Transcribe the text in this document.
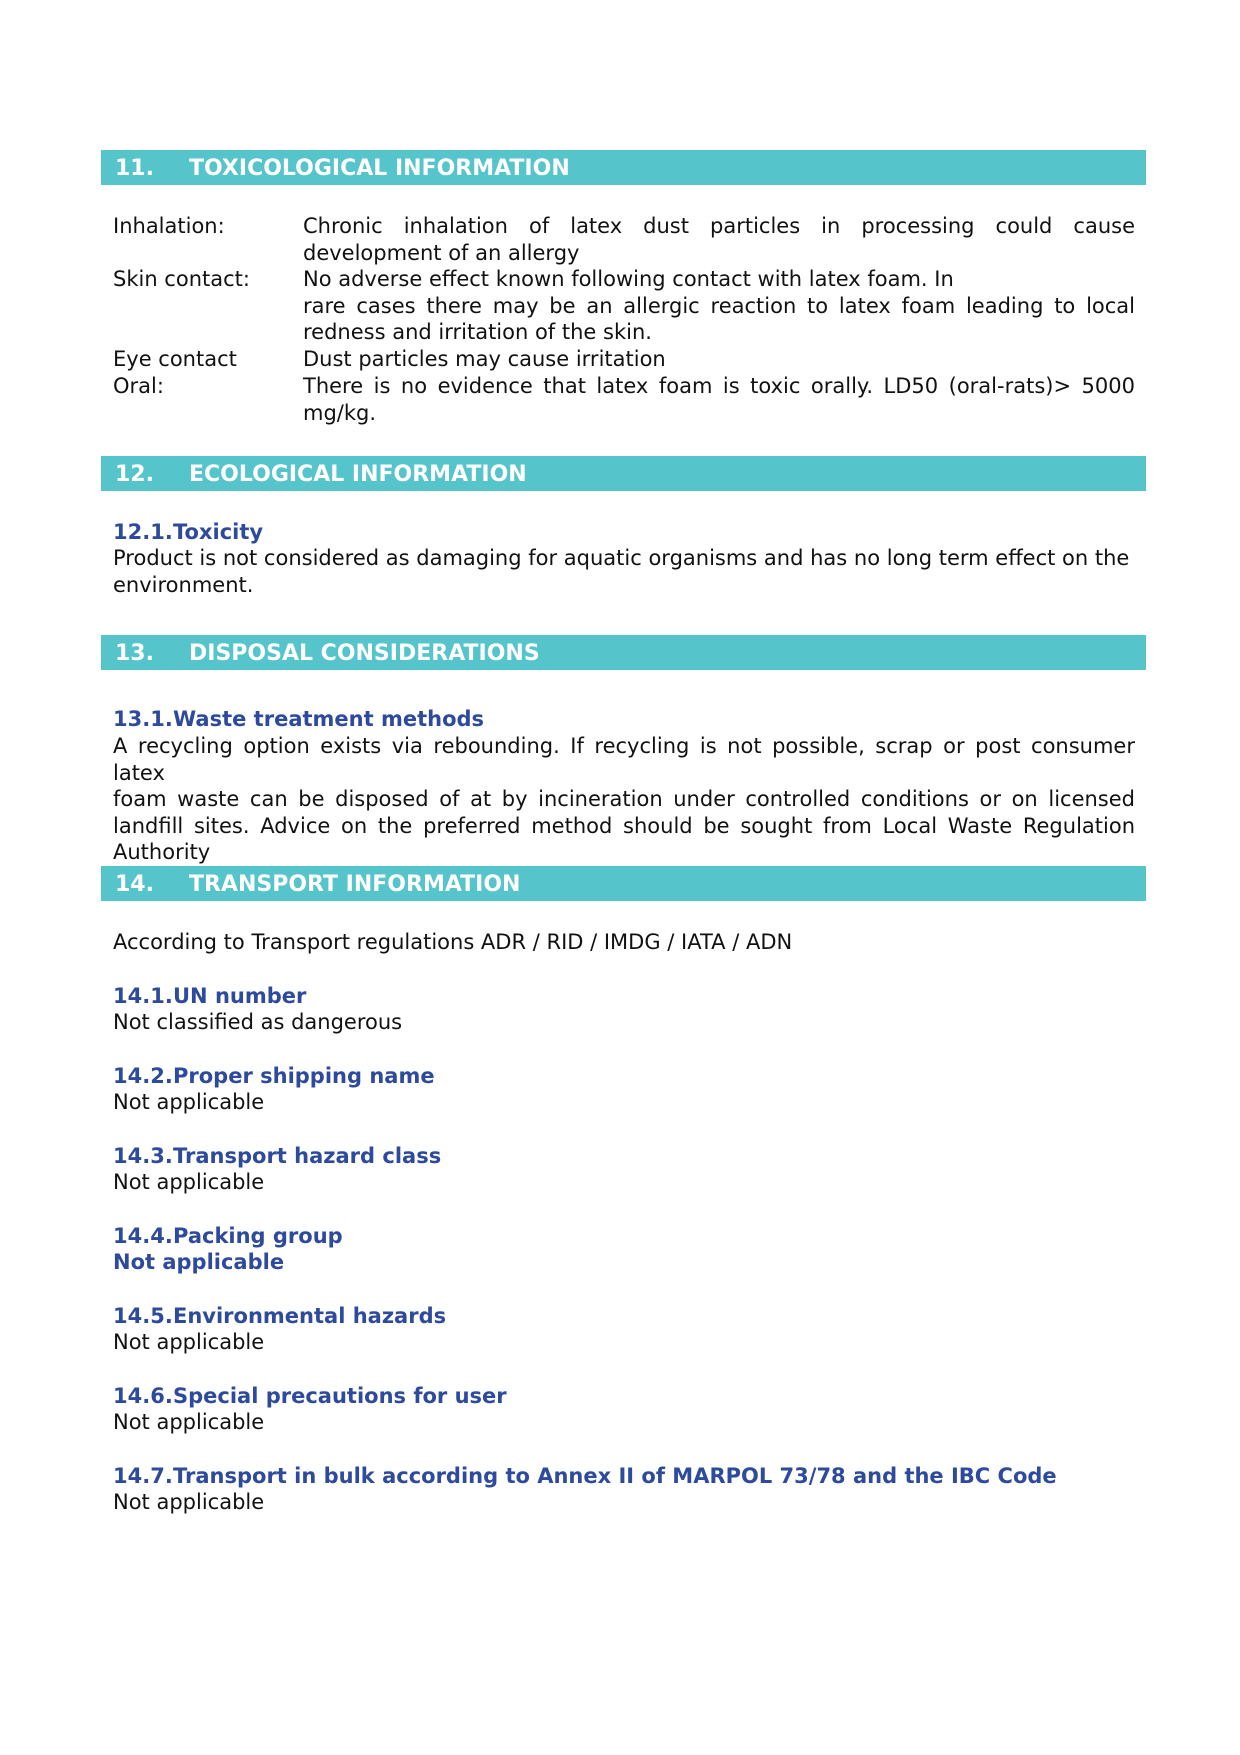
11. TOXICOLOGICAL INFORMATION
Inhalation:	Chronic inhalation of latex dust particles in processing could cause
development of an allergy
Skin contact:	No adverse effect known following contact with latex foam. In
rare cases there may be an allergic reaction to latex foam leading to local
redness and irritation of the skin.
Eye contact	Dust particles may cause irritation
Oral:	There is no evidence that latex foam is toxic orally. LD50 (oral-rats)> 5000
mg/kg.
12. ECOLOGICAL INFORMATION
12.1.Toxicity
Product is not considered as damaging for aquatic organisms and has no long term effect on the
environment.
13. DISPOSAL CONSIDERATIONS
13.1.Waste treatment methods
A recycling option exists via rebounding. If recycling is not possible, scrap or post consumer latex
foam waste can be disposed of at by incineration under controlled conditions or on licensed
landfill sites. Advice on the preferred method should be sought from Local Waste Regulation
Authority
14. TRANSPORT INFORMATION
According to Transport regulations ADR / RID / IMDG / IATA / ADN
14.1.UN number
Not classified as dangerous
14.2.Proper shipping name
Not applicable
14.3.Transport hazard class
Not applicable
14.4.Packing group
Not applicable
14.5.Environmental hazards
Not applicable
14.6.Special precautions for user
Not applicable
14.7.Transport in bulk according to Annex II of MARPOL 73/78 and the IBC Code
Not applicable
